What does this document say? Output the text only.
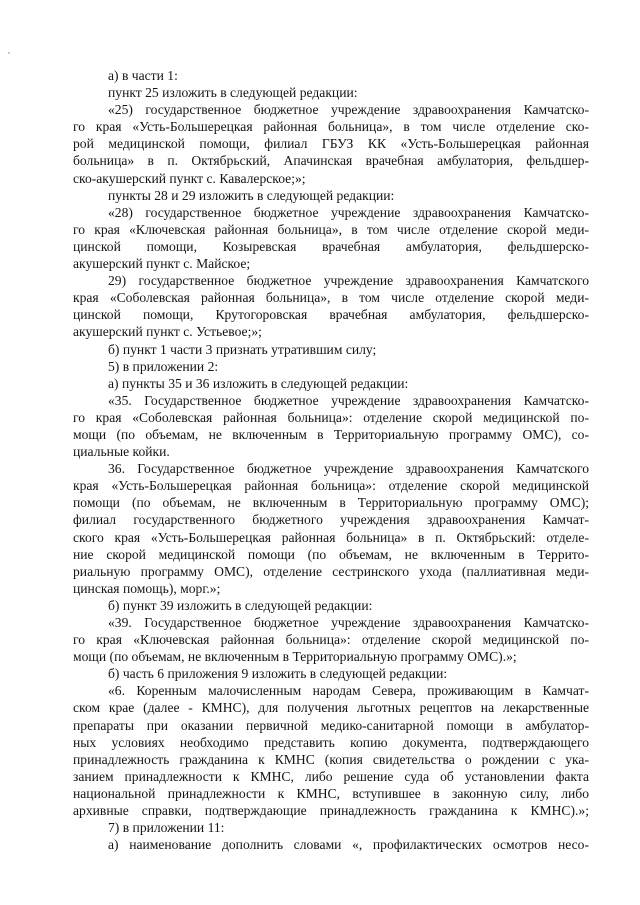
а) в части 1:
пункт 25 изложить в следующей редакции:
«25) государственное бюджетное учреждение здравоохранения Камчатско-
го края «Усть-Большерецкая районная больница», в том числе отделение ско-
рой медицинской помощи, филиал ГБУЗ КК «Усть-Большерецкая районная
больница» в п. Октябрьский, Апачинская врачебная амбулатория, фельдшер-
ско-акушерский пункт с. Кавалерское;»;
пункты 28 и 29 изложить в следующей редакции:
«28) государственное бюджетное учреждение здравоохранения Камчатско-
го края «Ключевская районная больница», в том числе отделение скорой меди-
цинской помощи, Козыревская врачебная амбулатория, фельдшерско-
акушерский пункт с. Майское;
29) государственное бюджетное учреждение здравоохранения Камчатского
края «Соболевская районная больница», в том числе отделение скорой меди-
цинской помощи, Крутогоровская врачебная амбулатория, фельдшерско-
акушерский пункт с. Устьевое;»;
б) пункт 1 части 3 признать утратившим силу;
5) в приложении 2:
а) пункты 35 и 36 изложить в следующей редакции:
«35. Государственное бюджетное учреждение здравоохранения Камчатско-
го края «Соболевская районная больница»: отделение скорой медицинской по-
мощи (по объемам, не включенным в Территориальную программу ОМС), со-
циальные койки.
36. Государственное бюджетное учреждение здравоохранения Камчатского
края «Усть-Большерецкая районная больница»: отделение скорой медицинской
помощи (по объемам, не включенным в Территориальную программу ОМС);
филиал государственного бюджетного учреждения здравоохранения Камчат-
ского края «Усть-Большерецкая районная больница» в п. Октябрьский: отделе-
ние скорой медицинской помощи (по объемам, не включенным в Террито-
риальную программу ОМС), отделение сестринского ухода (паллиативная меди-
цинская помощь), морг.»;
б) пункт 39 изложить в следующей редакции:
«39. Государственное бюджетное учреждение здравоохранения Камчатско-
го края «Ключевская районная больница»: отделение скорой медицинской по-
мощи (по объемам, не включенным в Территориальную программу ОМС).»;
б) часть 6 приложения 9 изложить в следующей редакции:
«6. Коренным малочисленным народам Севера, проживающим в Камчат-
ском крае (далее - КМНС), для получения льготных рецептов на лекарственные
препараты при оказании первичной медико-санитарной помощи в амбулатор-
ных условиях необходимо представить копию документа, подтверждающего
принадлежность гражданина к КМНС (копия свидетельства о рождении с ука-
занием принадлежности к КМНС, либо решение суда об установлении факта
национальной принадлежности к КМНС, вступившее в законную силу, либо
архивные справки, подтверждающие принадлежность гражданина к КМНС).»;
7) в приложении 11:
а) наименование дополнить словами «, профилактических осмотров несо-
